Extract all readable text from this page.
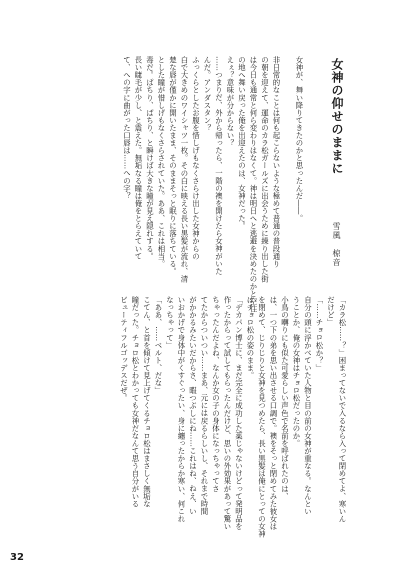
女神の仰せのままに
雪風　椋音
女神が、舞い降りてきたのかと思ったんだ――。
非日常的なことは何も起こらないような極めて普通の普段通り
の朝を迎えて、運命のカラ松ガールズに出会うために繰り出した街
は今日も通常と何ら変わりはなくて。神は明日へと逃避を決めたのかと空往
の地へ舞い戻った俺を出迎えたのは、女神だった。
えぇ？意味が分からない？
……つまりだ、外から帰ったら、一階の襖を開けたら女神がいた
んだ。アンダスタン？
ふっくらとしたお腹を惜しげもなくさらけ出した女神からの
白で大きめのワイシャツ一枚。その白に映える長い黒髪が流れ、清
楚な唇が僅かに開いたまま、そのままそっと眠りに落ちている。
とした瞳が惜しげもなくさらされていた。ああ、これは相当。
毒だ。ぱちり、ぱちり、と瞬けば大きな瞳が見え隠れする。
長い睫毛が少し、と震えた。無垢なる瞳は俺をとらえていて
て、への字に曲がった口唇は……への字？
「カラ松……？」困まってないで入るなら入って閉めてよ、寒いん
だけど」
「……チョロ松か？」
自分の頭に浮かべていた人物と目の前の女神が重なる。なんとい
うことか、俺の女神はチョロ松だったのか。
小鳥の囀りにも似た可愛らしい声色で名前を呼ばれたのは、
は、一つ下の弟を思い出させる口調で。襖をそっと閉めてみた彼女は
を閉めて、じりじりと女神を見つめたら、長い黒髪は俺にとっての女神
はチョロ松の姿のまま。
「デカパン博士に、まだ完全に成功した薬じゃないけどって発明品を
作ったからって試してもらったんだけど、思いの外効果があって驚い
ちゃったんだよね、なんか女の子の身体になっちゃってさ
てたからついつい……まあ、元には戻るらしいし、それまで時間
がかかるみたいだからさ、暇つぶしにね……これはね、ねえ、い
いおかげで身体中がくすぐったい、身に纏ったからか寒い、何これ
なっちゃって」
「ああ、……ベルト、だな」
こてん、と首を傾けて見上げてくるチョロ松はまさしく無垢な
瞳だった。チョロ松とわかっても女神だなんて思う自分がいる
ビューティフルゴッデスだぜ。
32
